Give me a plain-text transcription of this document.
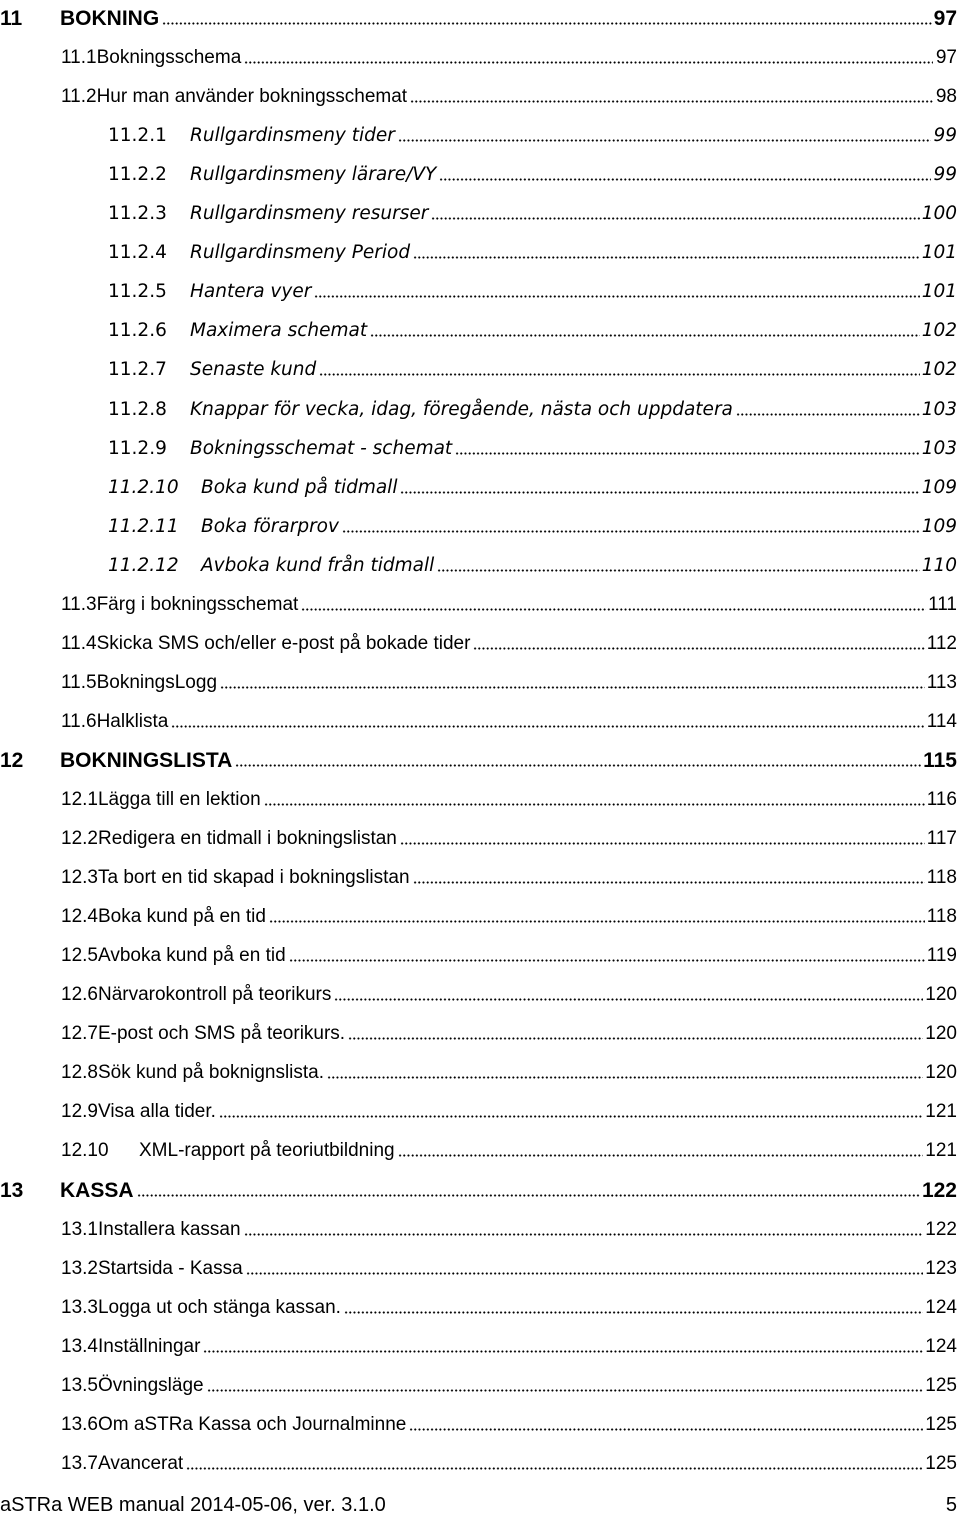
11	BOKNING	97
11.1 Bokningsschema	97
11.2 Hur man använder bokningsschemat	98
11.2.1	Rullgardinsmeny tider	99
11.2.2	Rullgardinsmeny lärare/VY	99
11.2.3	Rullgardinsmeny resurser	100
11.2.4	Rullgardinsmeny Period	101
11.2.5	Hantera vyer	101
11.2.6	Maximera schemat	102
11.2.7	Senaste kund	102
11.2.8	Knappar för vecka, idag, föregående, nästa och uppdatera	103
11.2.9	Bokningsschemat - schemat	103
11.2.10	Boka kund på tidmall	109
11.2.11	Boka förarprov	109
11.2.12	Avboka kund från tidmall	110
11.3 Färg i bokningsschemat	111
11.4 Skicka SMS och/eller e-post på bokade tider	112
11.5 BokningsLogg	113
11.6 Halklista	114
12	BOKNINGSLISTA	115
12.1 Lägga till en lektion	116
12.2 Redigera en tidmall i bokningslistan	117
12.3 Ta bort en tid skapad i bokningslistan	118
12.4 Boka kund på en tid	118
12.5 Avboka kund på en tid	119
12.6 Närvarokontroll på teorikurs	120
12.7 E-post och SMS på teorikurs.	120
12.8 Sök kund på boknignslista.	120
12.9 Visa alla tider.	121
12.10	XML-rapport på teoriutbildning	121
13	KASSA	122
13.1 Installera kassan	122
13.2 Startsida - Kassa	123
13.3 Logga ut och stänga kassan.	124
13.4 Inställningar	124
13.5 Övningsläge	125
13.6 Om aSTRa Kassa och Journalminne	125
13.7 Avancerat	125
aSTRa WEB manual 2014-05-06, ver. 3.1.0	5
